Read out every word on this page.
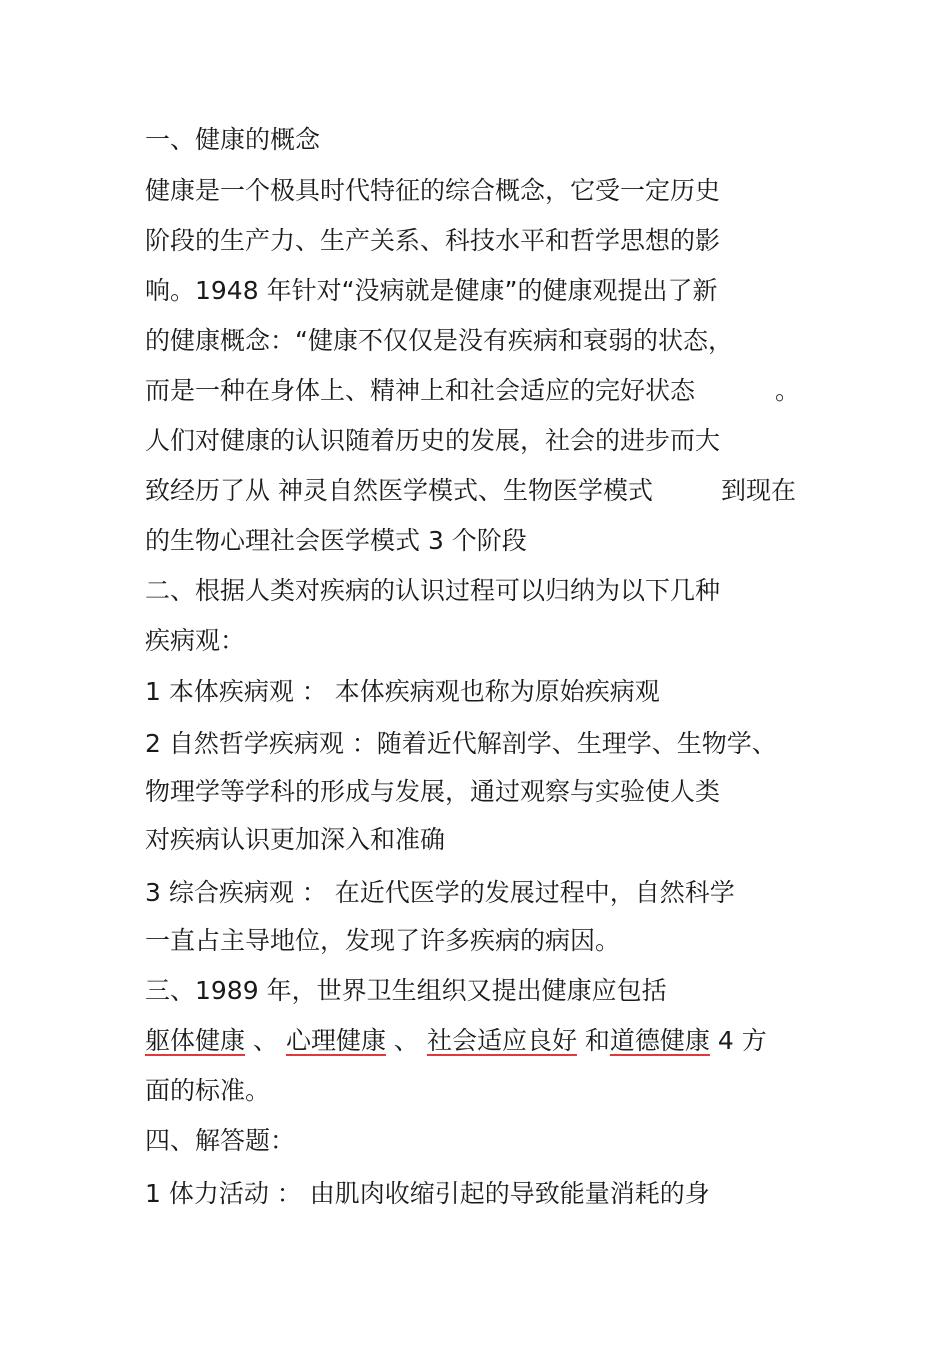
一、健康的概念
健康是一个极具时代特征的综合概念，它受一定历史
阶段的生产力、生产关系、科技水平和哲学思想的影
响。1948 年针对“没病就是健康”的健康观提出了新
的健康概念：“健康不仅仅是没有疾病和衰弱的状态，
而是一种在身体上、精神上和社会适应的完好状态	。
人们对健康的认识随着历史的发展，社会的进步而大
致经历了从 神灵自然医学模式、生物医学模式	到现在
的生物心理社会医学模式 3 个阶段
二、根据人类对疾病的认识过程可以归纳为以下几种
疾病观：
1 本体疾病观 ： 本体疾病观也称为原始疾病观
2 自然哲学疾病观 ：随着近代解剖学、生理学、生物学、
物理学等学科的形成与发展，通过观察与实验使人类
对疾病认识更加深入和准确
3 综合疾病观 ： 在近代医学的发展过程中，自然科学
一直占主导地位，发现了许多疾病的病因。
三、1989 年，世界卫生组织又提出健康应包括
躯体健康 、 心理健康 、 社会适应良好 和道德健康 4 方
面的标准。
四、解答题：
1 体力活动 ： 由肌肉收缩引起的导致能量消耗的身
